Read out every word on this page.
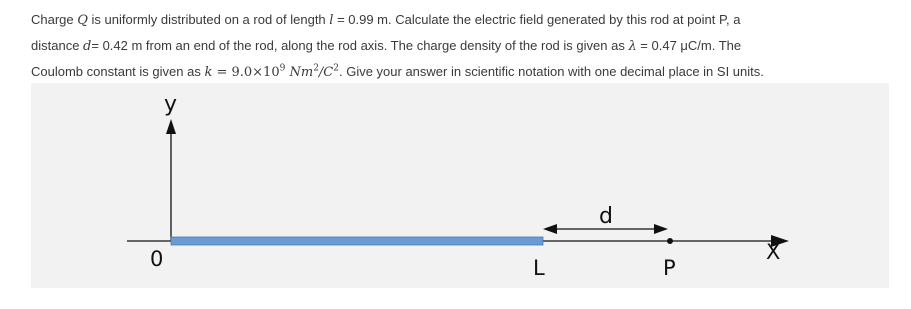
Charge Q is uniformly distributed on a rod of length l = 0.99 m. Calculate the electric field generated by this rod at point P, a
distance d= 0.42 m from an end of the rod, along the rod axis. The charge density of the rod is given as λ = 0.47 μC/m. The
Coulomb constant is given as $k = 9.0\times 10^9$ $Nm^2/C^2$. Give your answer in scientific notation with one decimal place in SI units.
y
0	L	P
d
X
